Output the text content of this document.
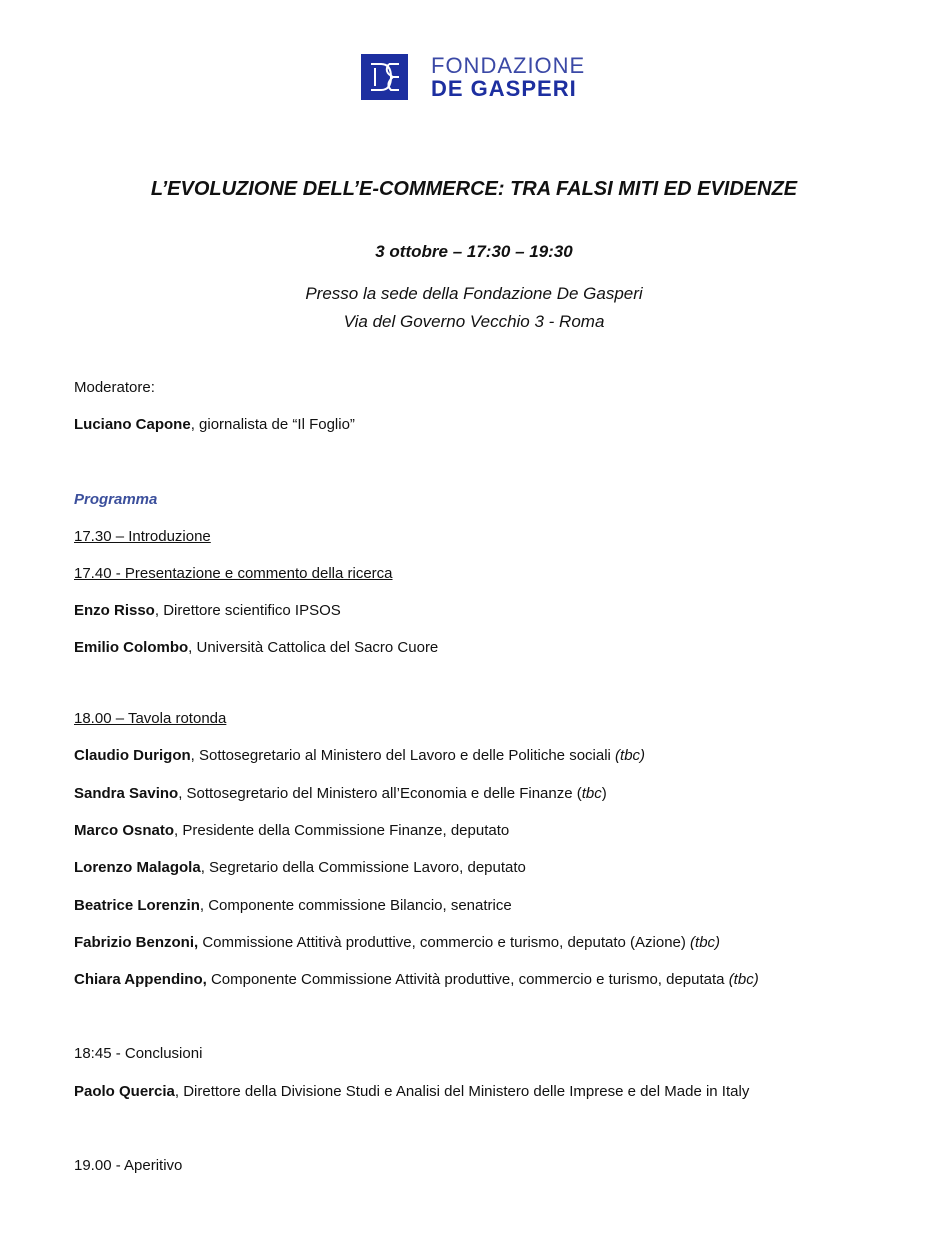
FONDAZIONE
DE GASPERI
L’EVOLUZIONE DELL’E-COMMERCE: TRA FALSI MITI ED EVIDENZE
3 ottobre – 17:30 – 19:30
Presso la sede della Fondazione De Gasperi
Via del Governo Vecchio 3 - Roma
Moderatore:
Luciano Capone, giornalista de “Il Foglio”
Programma
17.30 – Introduzione
17.40 - Presentazione e commento della ricerca
Enzo Risso, Direttore scientifico IPSOS
Emilio Colombo, Università Cattolica del Sacro Cuore
18.00 – Tavola rotonda
Claudio Durigon, Sottosegretario al Ministero del Lavoro e delle Politiche sociali (tbc)
Sandra Savino, Sottosegretario del Ministero all’Economia e delle Finanze (tbc)
Marco Osnato, Presidente della Commissione Finanze, deputato
Lorenzo Malagola, Segretario della Commissione Lavoro, deputato
Beatrice Lorenzin, Componente commissione Bilancio, senatrice
Fabrizio Benzoni, Commissione Attitivà produttive, commercio e turismo, deputato (Azione) (tbc)
Chiara Appendino, Componente Commissione Attività produttive, commercio e turismo, deputata (tbc)
18:45 - Conclusioni
Paolo Quercia, Direttore della Divisione Studi e Analisi del Ministero delle Imprese e del Made in Italy
19.00 - Aperitivo
